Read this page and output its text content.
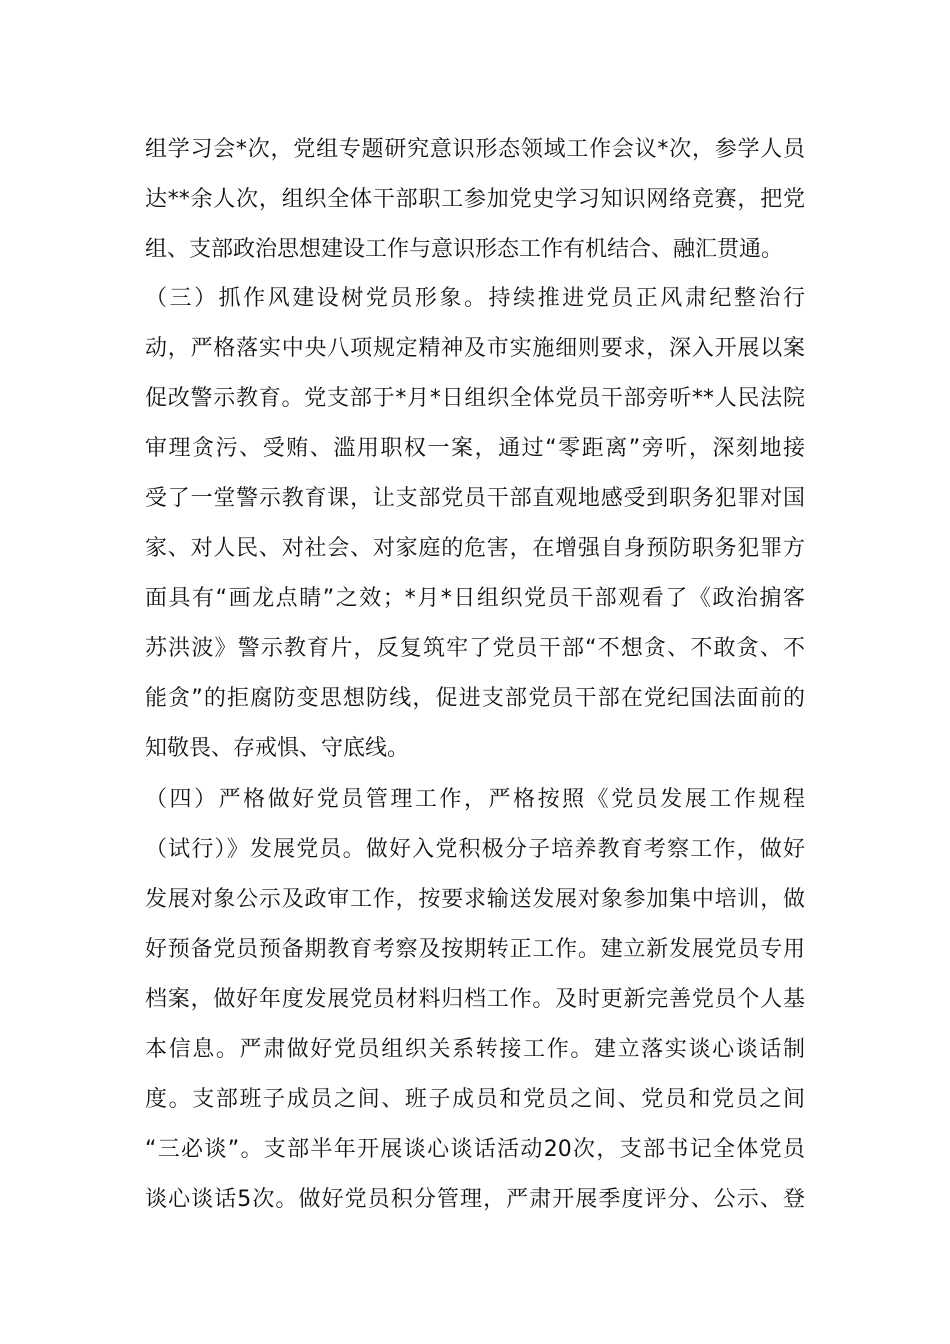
组学习会*次，党组专题研究意识形态领域工作会议*次，参学人员
达**余人次，组织全体干部职工参加党史学习知识网络竞赛，把党
组、支部政治思想建设工作与意识形态工作有机结合、融汇贯通。
（三）抓作风建设树党员形象。持续推进党员正风肃纪整治行
动，严格落实中央八项规定精神及市实施细则要求，深入开展以案
促改警示教育。党支部于*月*日组织全体党员干部旁听**人民法院
审理贪污、受贿、滥用职权一案，通过“零距离”旁听，深刻地接
受了一堂警示教育课，让支部党员干部直观地感受到职务犯罪对国
家、对人民、对社会、对家庭的危害，在增强自身预防职务犯罪方
面具有“画龙点睛”之效；*月*日组织党员干部观看了《政治掮客
苏洪波》警示教育片，反复筑牢了党员干部“不想贪、不敢贪、不
能贪”的拒腐防变思想防线，促进支部党员干部在党纪国法面前的
知敬畏、存戒惧、守底线。
（四）严格做好党员管理工作，严格按照《党员发展工作规程
（试行）》发展党员。做好入党积极分子培养教育考察工作，做好
发展对象公示及政审工作，按要求输送发展对象参加集中培训，做
好预备党员预备期教育考察及按期转正工作。建立新发展党员专用
档案，做好年度发展党员材料归档工作。及时更新完善党员个人基
本信息。严肃做好党员组织关系转接工作。建立落实谈心谈话制
度。支部班子成员之间、班子成员和党员之间、党员和党员之间
“三必谈”。支部半年开展谈心谈话活动20次，支部书记全体党员
谈心谈话5次。做好党员积分管理，严肃开展季度评分、公示、登
